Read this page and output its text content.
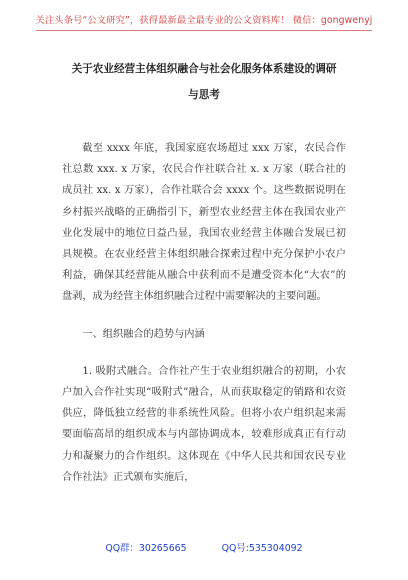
关注头条号“公文研究”，获得最新最全最专业的公文资料库！ 微信：gongwenyj
关于农业经营主体组织融合与社会化服务体系建设的调研
与思考

截至 xxxx 年底，我国家庭农场超过 xxx 万家，农民合作社总数 xxx. x 万家，农民合作社联合社 x. x 万家（联合社的成员社 xx. x 万家），合作社联合会 xxxx 个。这些数据说明在乡村振兴战略的正确指引下，新型农业经营主体在我国农业产业化发展中的地位日益凸显，我国农业经营主体融合发展已初具规模。在农业经营主体组织融合探索过程中充分保护小农户利益，确保其经营能从融合中获利而不是遭受资本化“大农”的盘剥，成为经营主体组织融合过程中需要解决的主要问题。

一、组织融合的趋势与内涵

1. 吸附式融合。合作社产生于农业组织融合的初期，小农户加入合作社实现“吸附式”融合，从而获取稳定的销路和农资供应，降低独立经营的非系统性风险。但将小农户组织起来需要面临高昂的组织成本与内部协调成本，较难形成真正有行动力和凝聚力的合作组织。这体现在《中华人民共和国农民专业合作社法》正式颁布实施后，

QQ群：30265665	QQ号:535304092
